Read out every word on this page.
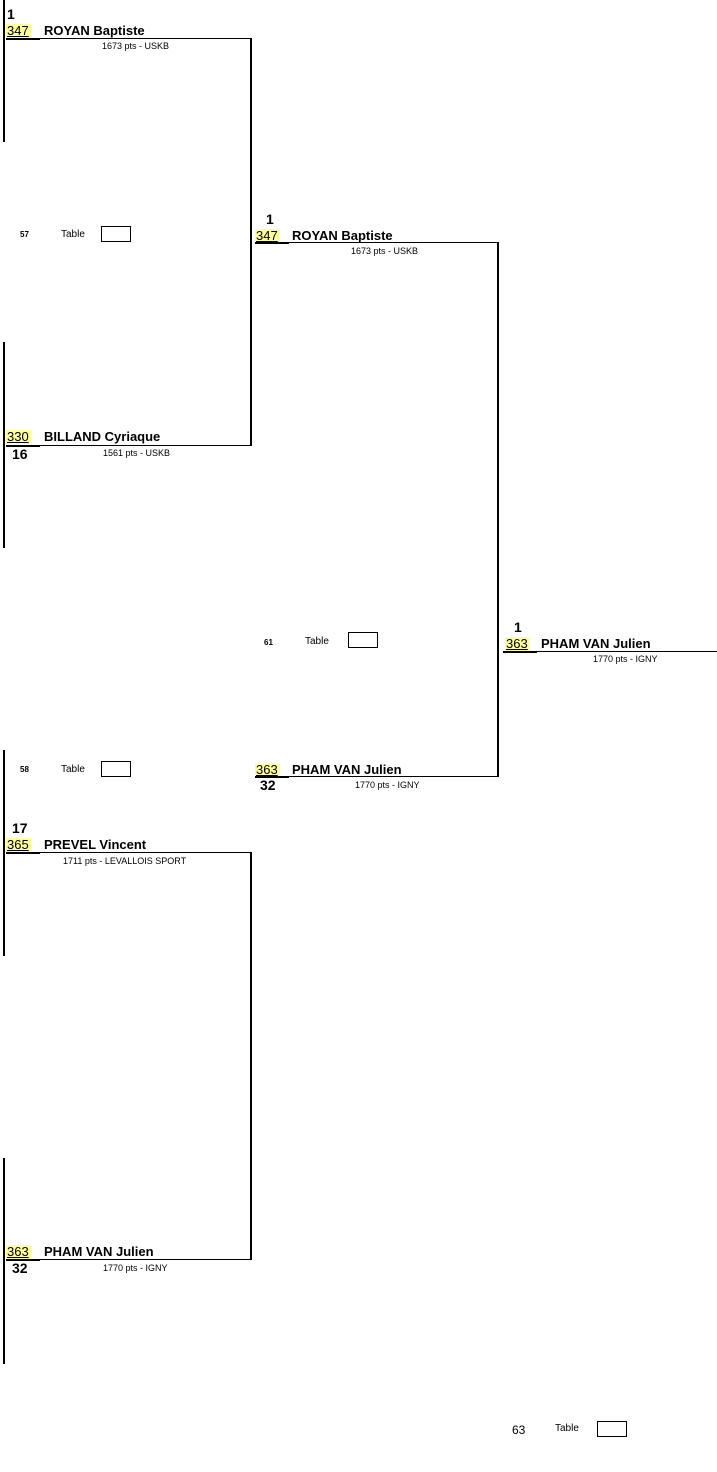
1
347 ROYAN Baptiste
1673 pts - USKB
57	Table
330 BILLAND Cyriaque
16	1561 pts - USKB
17
365 PREVEL Vincent
1711 pts - LEVALLOIS SPORT
58	Table
363 PHAM VAN Julien
32	1770 pts - IGNY
1
347 ROYAN Baptiste
1673 pts - USKB
363 PHAM VAN Julien
32	1770 pts - IGNY
61	Table
1
363 PHAM VAN Julien
1770 pts - IGNY
63	Table
